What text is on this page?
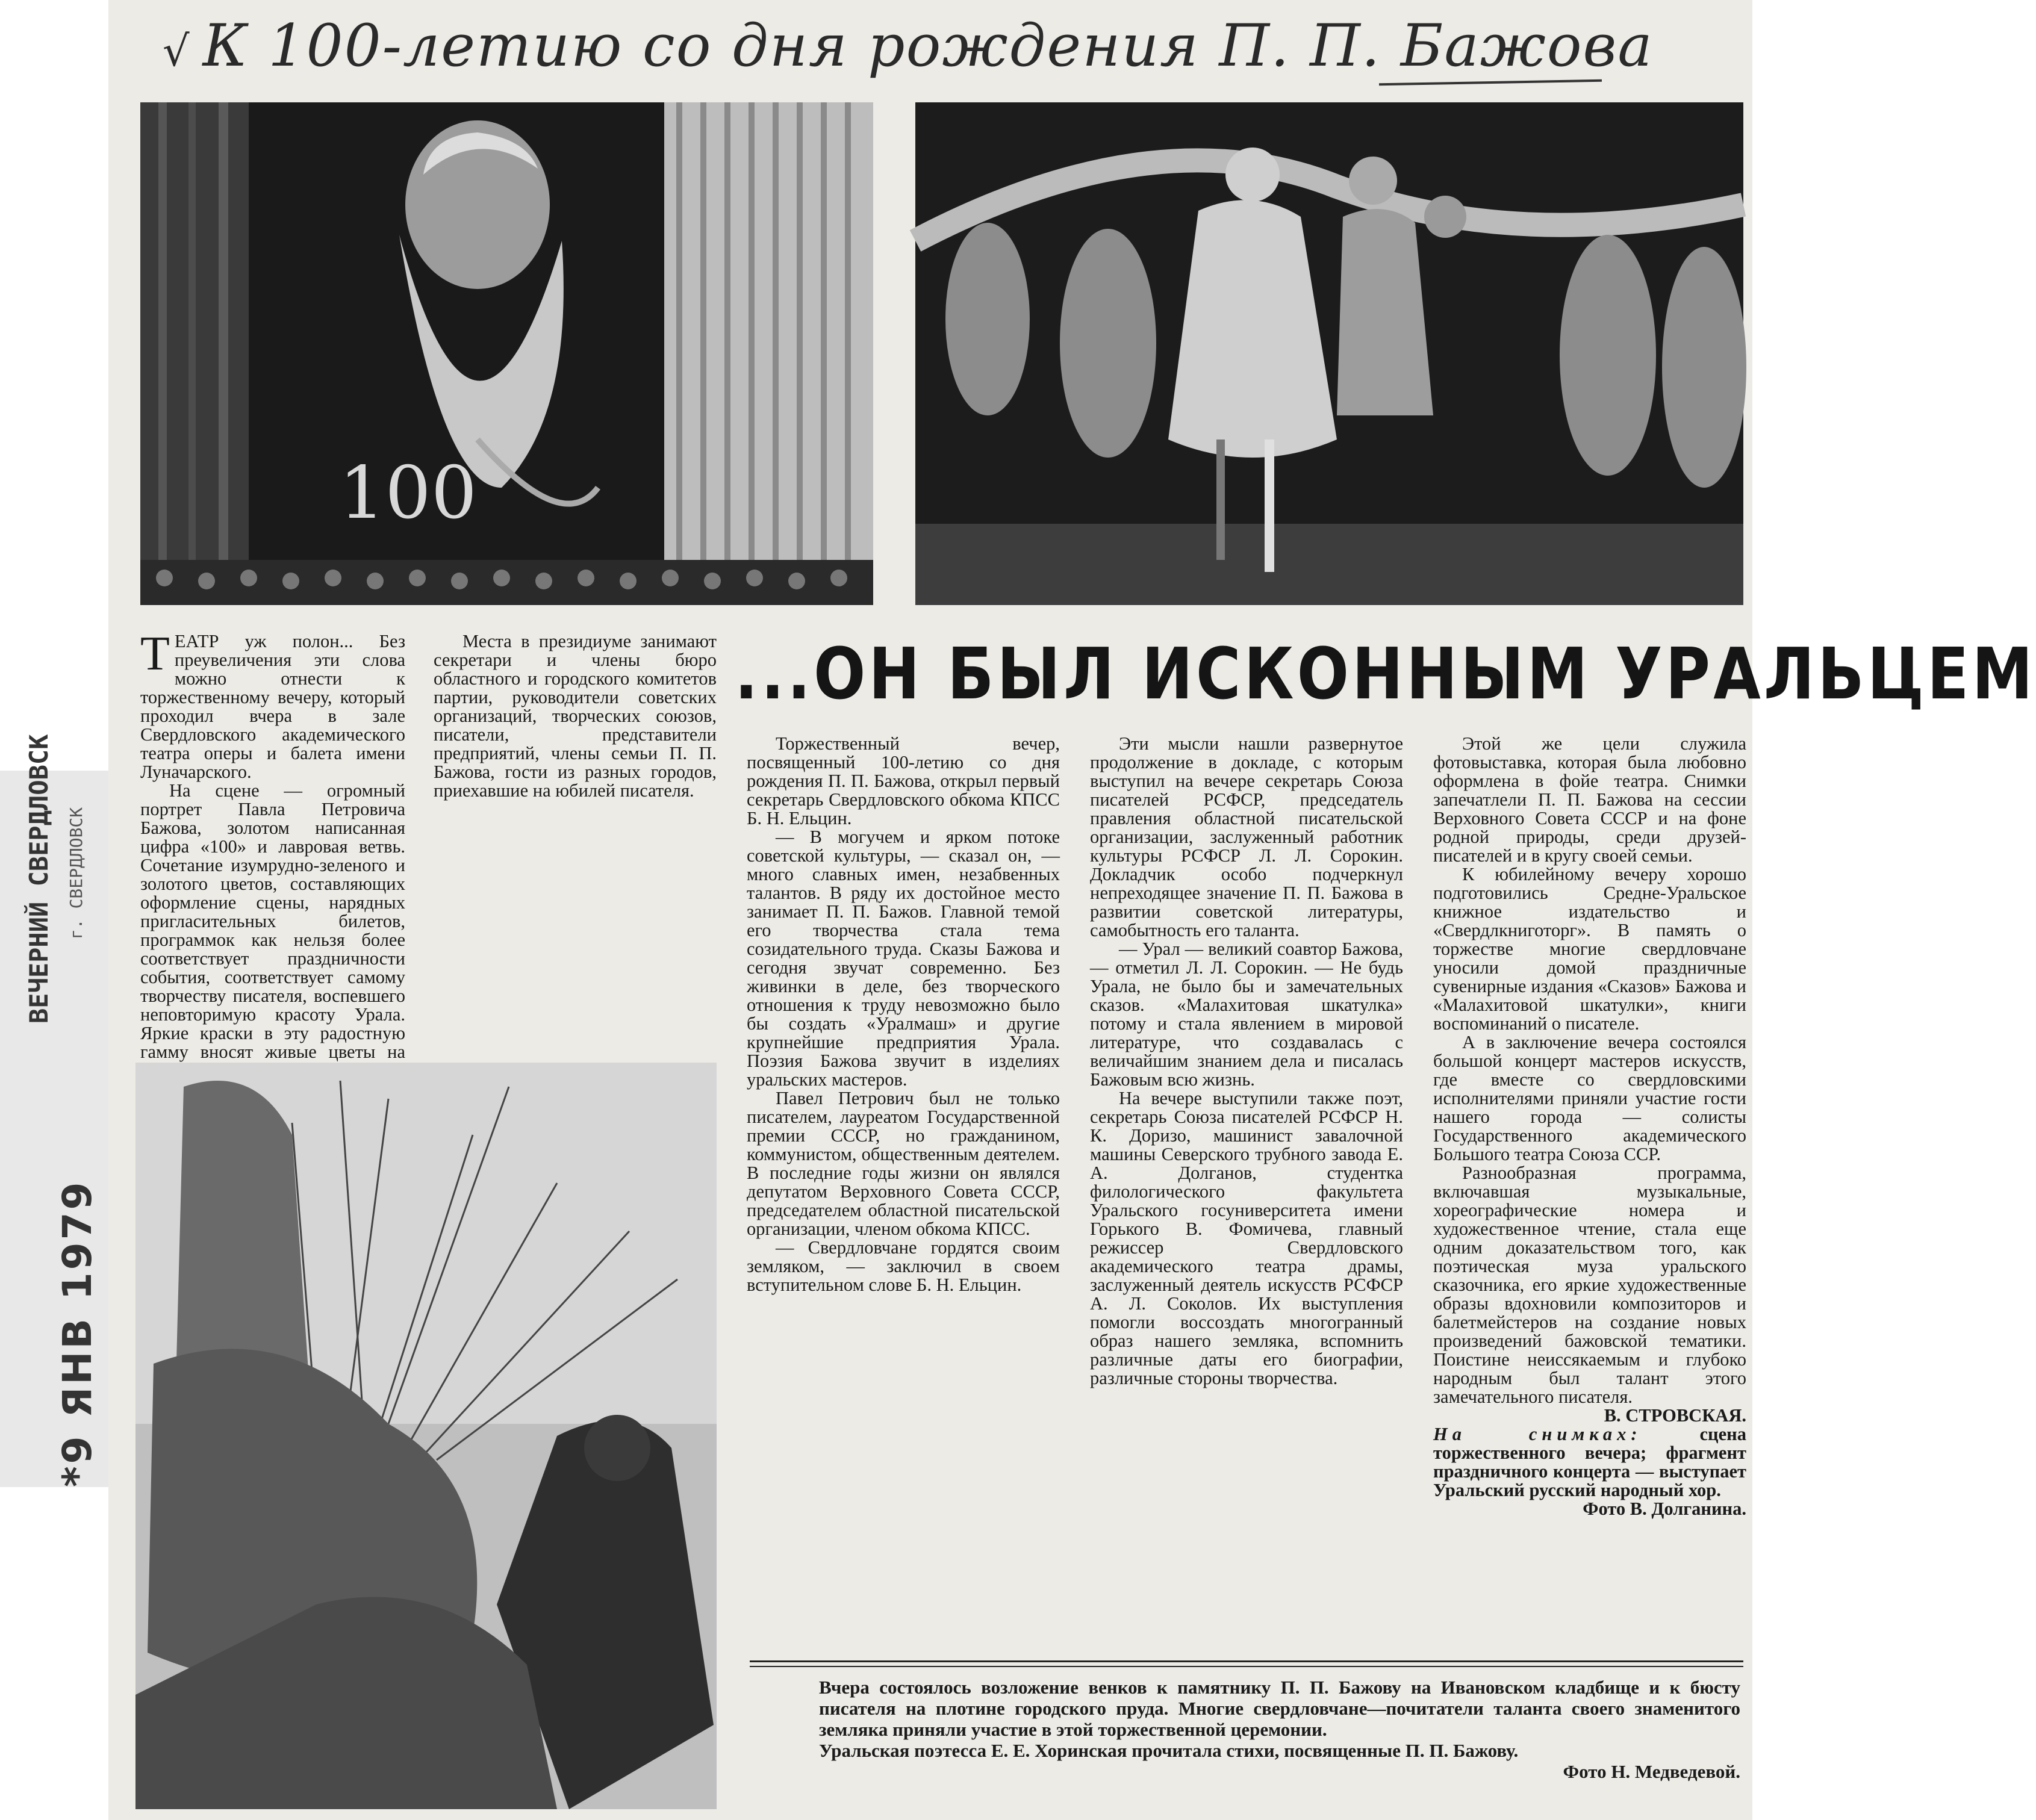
ВЕЧЕРНИЙ СВЕРДЛОВСК г. СВЕРДЛОВСК
*9 ЯНВ 1979
√ К 100-летию со дня рождения П. П. Бажова
100

ТЕАТР уж полон... Без преувеличения эти слова можно отнести к торжественному вечеру, который проходил вчера в зале Свердловского академического театра оперы и балета имени Луначарского.

На сцене — огромный портрет Павла Петровича Бажова, золотом написанная цифра «100» и лавровая ветвь. Сочетание изумрудно-зеленого и золотого цветов, составляющих оформление сцены, нарядных пригласительных билетов, программок как нельзя более соответствует праздничности события, соответствует самому творчеству писателя, воспевшего неповторимую красоту Урала. Яркие краски в эту радостную гамму вносят живые цветы на

Места в президиуме занимают секретари и члены бюро областного и городского комитетов партии, руководители советских организаций, творческих союзов, писатели, представители предприятий, члены семьи П. П. Бажова, гости из разных городов, приехавшие на юбилей писателя.

...ОН БЫЛ ИСКОННЫМ УРАЛЬЦЕМ

Торжественный вечер, посвященный 100-летию со дня рождения П. П. Бажова, открыл первый секретарь Свердловского обкома КПСС Б. Н. Ельцин.

— В могучем и ярком потоке советской культуры, — сказал он, — много славных имен, незабвенных талантов. В ряду их достойное место занимает П. П. Бажов. Главной темой его творчества стала тема созидательного труда. Сказы Бажова и сегодня звучат современно. Без живинки в деле, без творческого отношения к труду невозможно было бы создать «Уралмаш» и другие крупнейшие предприятия Урала. Поэзия Бажова звучит в изделиях уральских мастеров.

Павел Петрович был не только писателем, лауреатом Государственной премии СССР, но гражданином, коммунистом, общественным деятелем. В последние годы жизни он являлся депутатом Верховного Совета СССР, председателем областной писательской организации, членом обкома КПСС.

— Свердловчане гордятся своим земляком, — заключил в своем вступительном слове Б. Н. Ельцин.

Эти мысли нашли развернутое продолжение в докладе, с которым выступил на вечере секретарь Союза писателей РСФСР, председатель правления областной писательской организации, заслуженный работник культуры РСФСР Л. Л. Сорокин. Докладчик особо подчеркнул непреходящее значение П. П. Бажова в развитии советской литературы, самобытность его таланта.

— Урал — великий соавтор Бажова,— отметил Л. Л. Сорокин. — Не будь Урала, не было бы и замечательных сказов. «Малахитовая шкатулка» потому и стала явлением в мировой литературе, что создавалась с величайшим знанием дела и писалась Бажовым всю жизнь.

На вечере выступили также поэт, секретарь Союза писателей РСФСР Н. К. Доризо, машинист завалочной машины Северского трубного завода Е. А. Долганов, студентка филологического факультета Уральского госуниверситета имени Горького В. Фомичева, главный режиссер Свердловского академического театра драмы, заслуженный деятель искусств РСФСР А. Л. Соколов. Их выступления помогли воссоздать многогранный образ нашего земляка, вспомнить различные даты его биографии, различные стороны творчества.

Этой же цели служила фотовыставка, которая была любовно оформлена в фойе театра. Снимки запечатлели П. П. Бажова на сессии Верховного Совета СССР и на фоне родной природы, среди друзей-писателей и в кругу своей семьи.

К юбилейному вечеру хорошо подготовились Средне-Уральское книжное издательство и «Свердлкниготорг». В память о торжестве многие свердловчане уносили домой праздничные сувенирные издания «Сказов» Бажова и «Малахитовой шкатулки», книги воспоминаний о писателе.

А в заключение вечера состоялся большой концерт мастеров искусств, где вместе со свердловскими исполнителями приняли участие гости нашего города — солисты Государственного академического Большого театра Союза ССР.

Разнообразная программа, включавшая музыкальные, хореографические номера и художественное чтение, стала еще одним доказательством того, как поэтическая муза уральского сказочника, его яркие художественные образы вдохновили композиторов и балетмейстеров на создание новых произведений бажовской тематики. Поистине неиссякаемым и глубоко народным был талант этого замечательного писателя.

В. СТРОВСКАЯ.

На снимках:	сцена торжественного вечера; фрагмент праздничного концерта — выступает Уральский русский народный хор.

Фото В. Долганина.

Вчера состоялось возложение венков к памятнику П. П. Бажову на Ивановском кладбище и к бюсту писателя на плотине городского пруда. Многие свердловчане—почитатели таланта своего знаменитого земляка приняли участие в этой торжественной церемонии.

Уральская поэтесса Е. Е. Хоринская прочитала стихи, посвященные П. П. Бажову.

Фото Н. Медведевой.
